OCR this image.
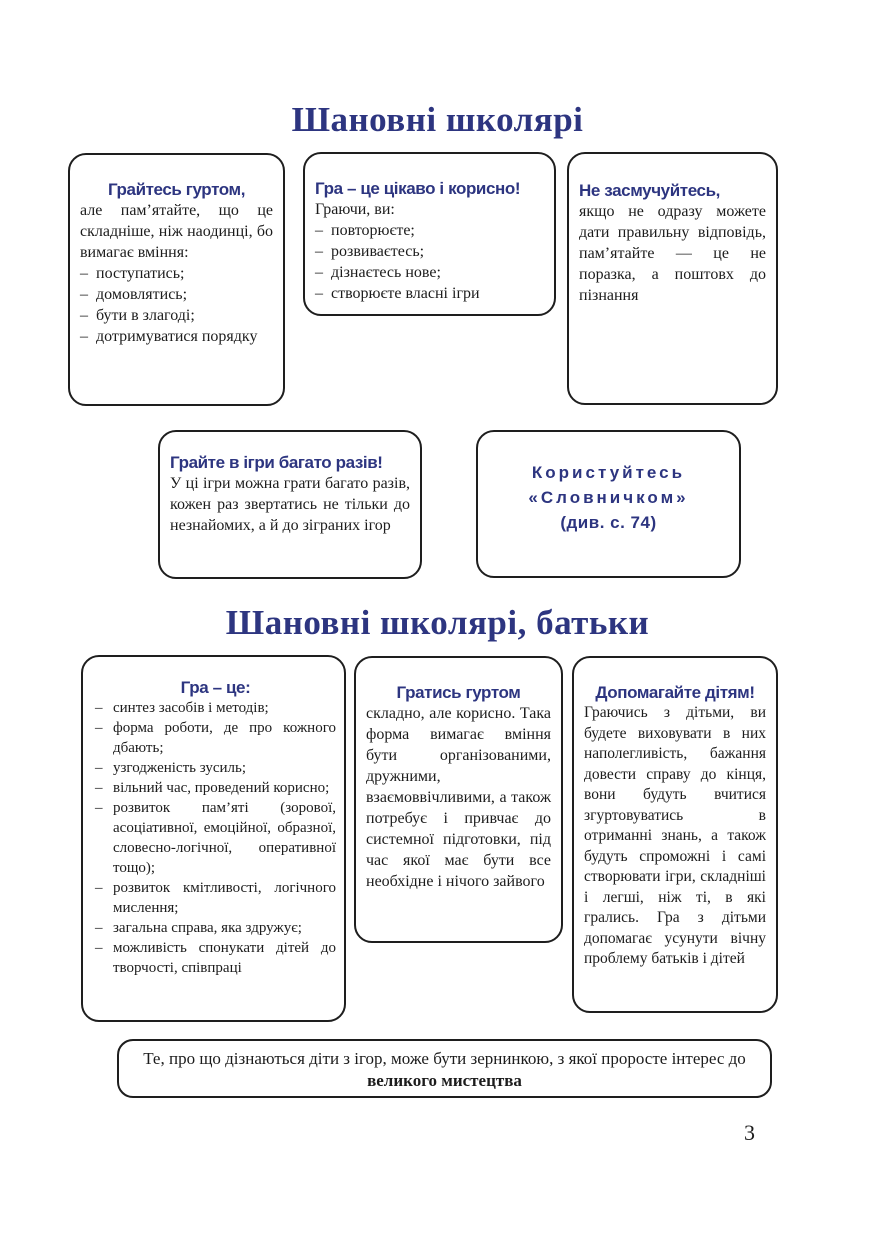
Шановні школярі
Грайтесь гуртом,
але пам’ятайте, що це складніше, ніж наодинці, бо вимагає вміння:
– поступатись;
– домовлятись;
– бути в злагоді;
– дотримуватися порядку
Гра – це цікаво і корисно!
Граючи, ви:
– повторюєте;
– розвиваєтесь;
– дізнаєтесь нове;
– створюєте власні ігри
Не засмучуйтесь,
якщо не одразу можете дати правильну відповідь, пам’ятайте — це не поразка, а поштовх до пізнання
Грайте в ігри багато разів!
У ці ігри можна грати багато разів, кожен раз звертатись не тільки до незнайомих, а й до зіграних ігор
Користуйтесь
«Словничком»
(див. с. 74)
Шановні школярі, батьки
Гра – це:
– синтез засобів і методів;
– форма роботи, де про кожного дбають;
– узгодженість зусиль;
– вільний час, проведений корисно;
– розвиток пам’яті (зорової, асоціативної, емоційної, образної, словесно-логічної, оперативної тощо);
– розвиток кмітливості, логічного мислення;
– загальна справа, яка здружує;
– можливість спонукати дітей до творчості, співпраці
Гратись гуртом
складно, але корисно. Така форма вимагає вміння бути організованими, дружними, взаємоввічливими, а також потребує і привчає до системної підготовки, під час якої має бути все необхідне і нічого зайвого
Допомагайте дітям!
Граючись з дітьми, ви будете виховувати в них наполегливість, бажання довести справу до кінця, вони будуть вчитися згуртовуватись в отриманні знань, а також будуть спроможні і самі створювати ігри, складніші і легші, ніж ті, в які грались. Гра з дітьми допомагає усунути вічну проблему батьків і дітей
Те, про що дізнаються діти з ігор, може бути зернинкою, з якої проросте інтерес до великого мистецтва
3
